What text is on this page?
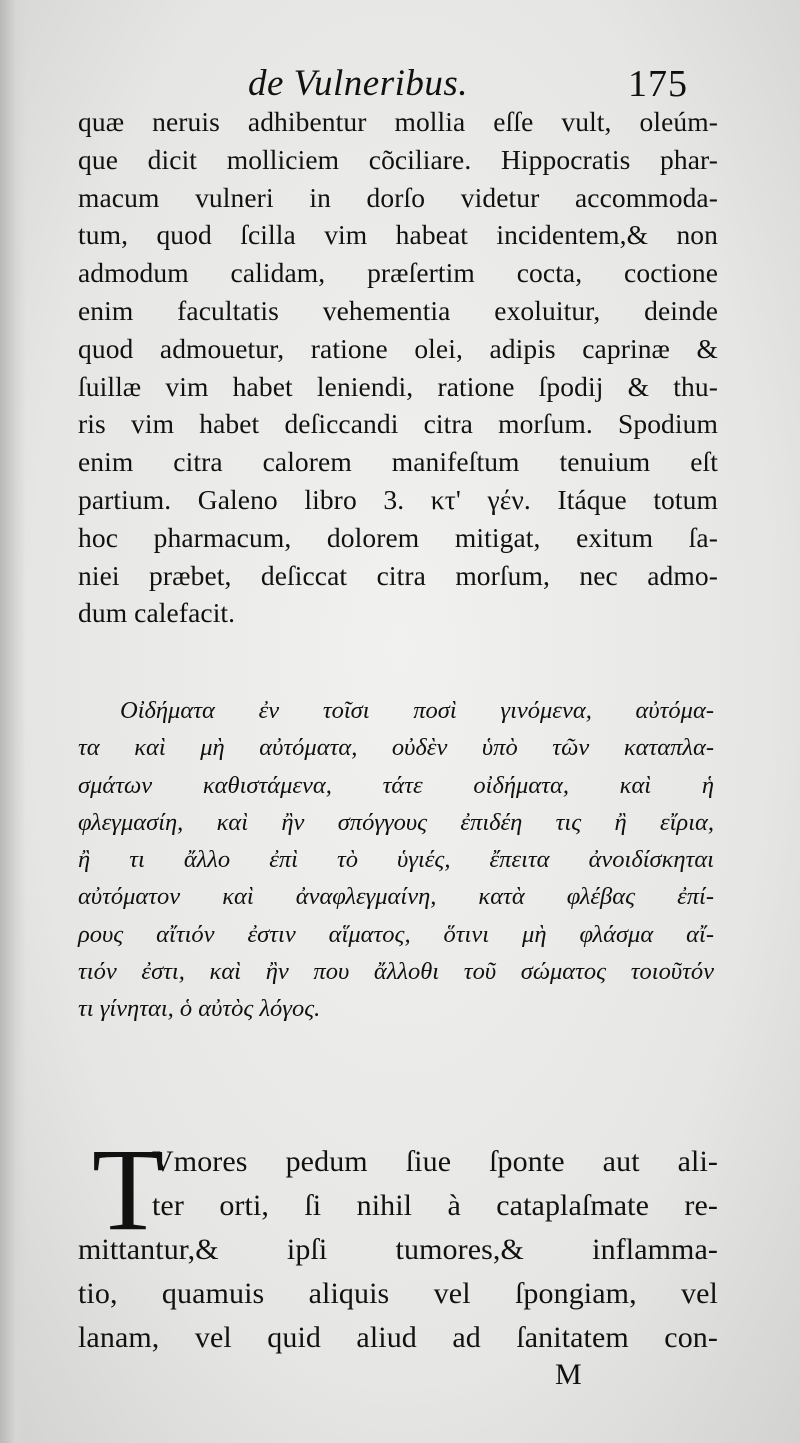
de Vulneribus.	175
quæ neruis adhibentur mollia eſſe vult, oleúm-
que dicit molliciem cõciliare. Hippocratis phar-
macum vulneri in dorſo videtur accommoda-
tum, quod ſcilla vim habeat incidentem,& non
admodum calidam, præſertim cocta, coctione
enim facultatis vehementia exoluitur, deinde
quod admouetur, ratione olei, adipis caprinæ &
ſuillæ vim habet leniendi, ratione ſpodij & thu-
ris vim habet deſiccandi citra morſum. Spodium
enim citra calorem manifeſtum tenuium eſt
partium. Galeno libro 3. κτ' γέν. Itáque totum
hoc pharmacum, dolorem mitigat, exitum ſa-
niei præbet, deſiccat citra morſum, nec admo-
dum calefacit.
Οἰδήματα ἐν τοῖσι ποσὶ γινόμενα, αὐτόμα-
τα καὶ μὴ αὐτόματα, οὐδὲν ὑπὸ τῶν καταπλα-
σμάτων καθιστάμενα, τάτε οἰδήματα, καὶ ἡ
φλεγμασίη, καὶ ἢν σπόγγους ἐπιδέη τις ἢ εἴρια,
ἢ τι ἄλλο ἐπὶ τὸ ὑγιές, ἔπειτα ἀνοιδίσκηται
αὐτόματον καὶ ἀναφλεγμαίνη, κατὰ φλέβας ἐπί-
ρους αἴτιόν ἐστιν αἵματος, ὅτινι μὴ φλάσμα αἴ-
τιόν ἐστι, καὶ ἢν που ἄλλοθι τοῦ σώματος τοιοῦτόν
τι γίνηται, ὁ αὐτὸς λόγος.
T
Vmores pedum ſiue ſponte aut ali-
ter orti, ſi nihil à cataplaſmate re-
mittantur,& ipſi tumores,& inflamma-
tio, quamuis aliquis vel ſpongiam, vel
lanam, vel quid aliud ad ſanitatem con-
M
